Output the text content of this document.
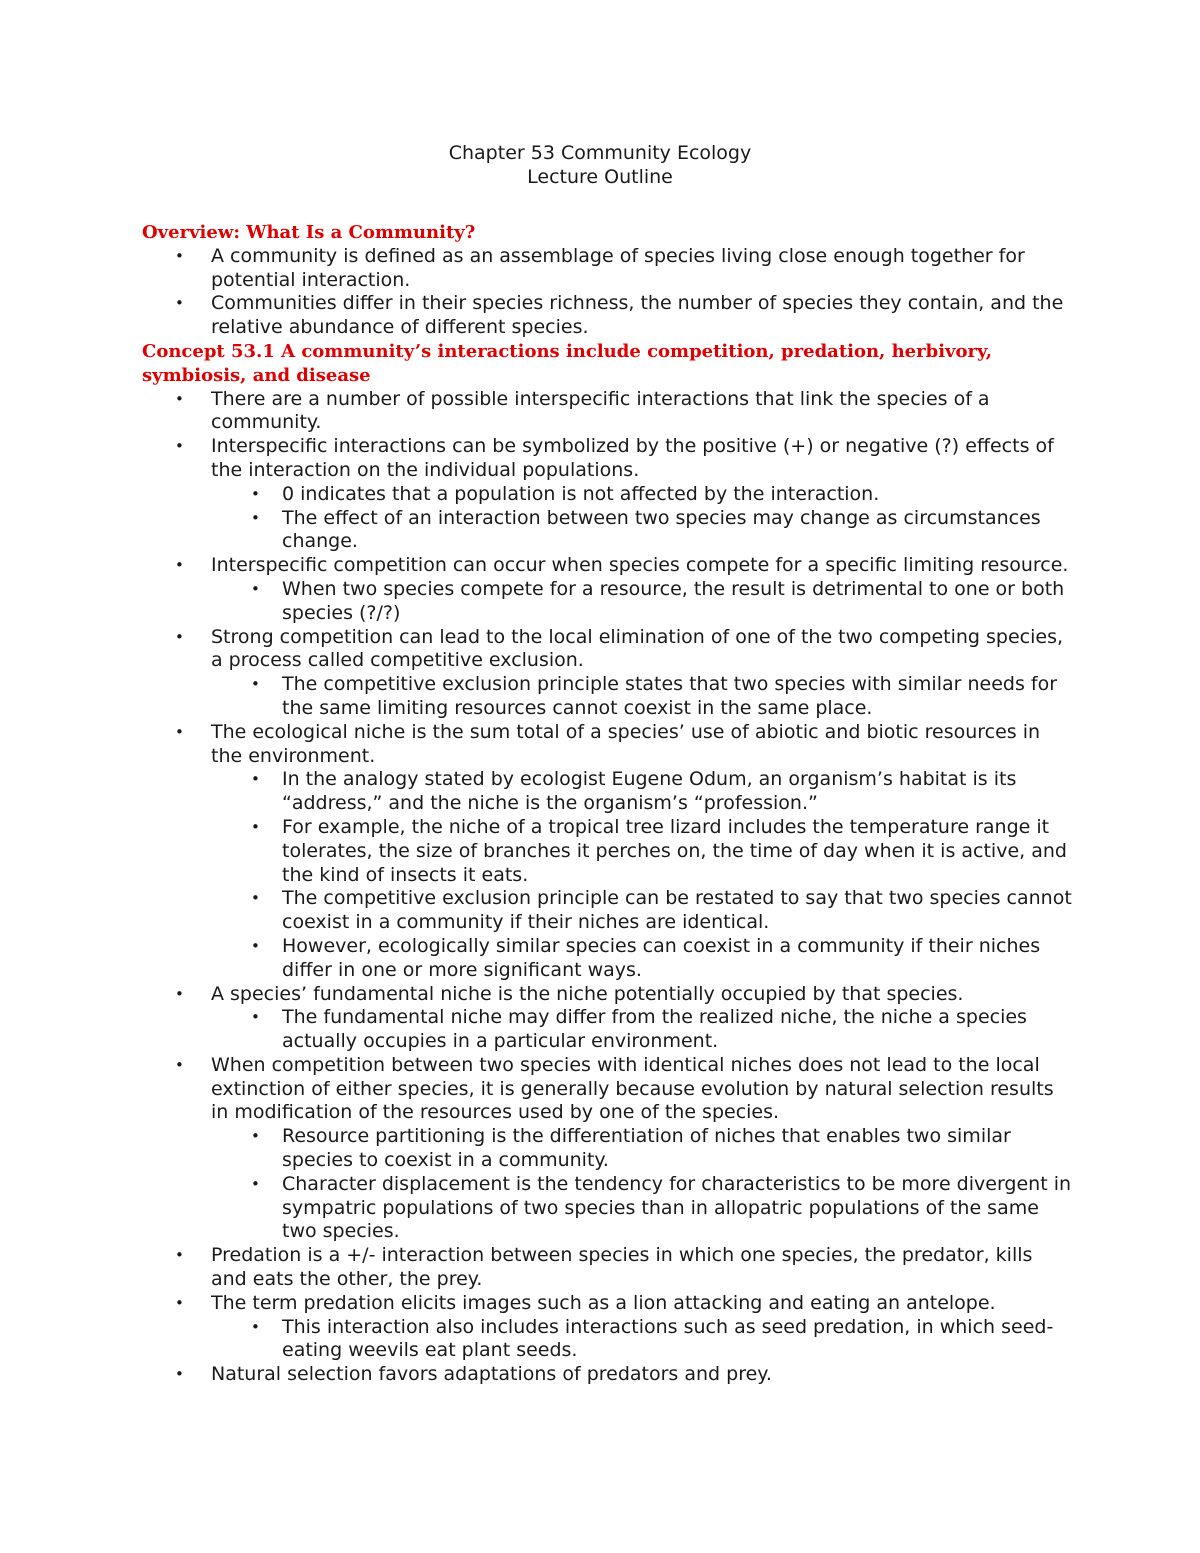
Chapter 53 Community Ecology
Lecture Outline
Overview: What Is a Community?
• A community is defined as an assemblage of species living close enough together for potential interaction.
• Communities differ in their species richness, the number of species they contain, and the relative abundance of different species.
Concept 53.1 A community’s interactions include competition, predation, herbivory, symbiosis, and disease
• There are a number of possible interspecific interactions that link the species of a community.
• Interspecific interactions can be symbolized by the positive (+) or negative (?) effects of the interaction on the individual populations.
• 0 indicates that a population is not affected by the interaction.
• The effect of an interaction between two species may change as circumstances change.
• Interspecific competition can occur when species compete for a specific limiting resource.
• When two species compete for a resource, the result is detrimental to one or both species (?/?)
• Strong competition can lead to the local elimination of one of the two competing species, a process called competitive exclusion.
• The competitive exclusion principle states that two species with similar needs for the same limiting resources cannot coexist in the same place.
• The ecological niche is the sum total of a species’ use of abiotic and biotic resources in the environment.
• In the analogy stated by ecologist Eugene Odum, an organism’s habitat is its “address,” and the niche is the organism’s “profession.”
• For example, the niche of a tropical tree lizard includes the temperature range it tolerates, the size of branches it perches on, the time of day when it is active, and the kind of insects it eats.
• The competitive exclusion principle can be restated to say that two species cannot coexist in a community if their niches are identical.
• However, ecologically similar species can coexist in a community if their niches differ in one or more significant ways.
• A species’ fundamental niche is the niche potentially occupied by that species.
• The fundamental niche may differ from the realized niche, the niche a species actually occupies in a particular environment.
• When competition between two species with identical niches does not lead to the local extinction of either species, it is generally because evolution by natural selection results in modification of the resources used by one of the species.
• Resource partitioning is the differentiation of niches that enables two similar species to coexist in a community.
• Character displacement is the tendency for characteristics to be more divergent in sympatric populations of two species than in allopatric populations of the same two species.
• Predation is a +/- interaction between species in which one species, the predator, kills and eats the other, the prey.
• The term predation elicits images such as a lion attacking and eating an antelope.
• This interaction also includes interactions such as seed predation, in which seed-eating weevils eat plant seeds.
• Natural selection favors adaptations of predators and prey.
